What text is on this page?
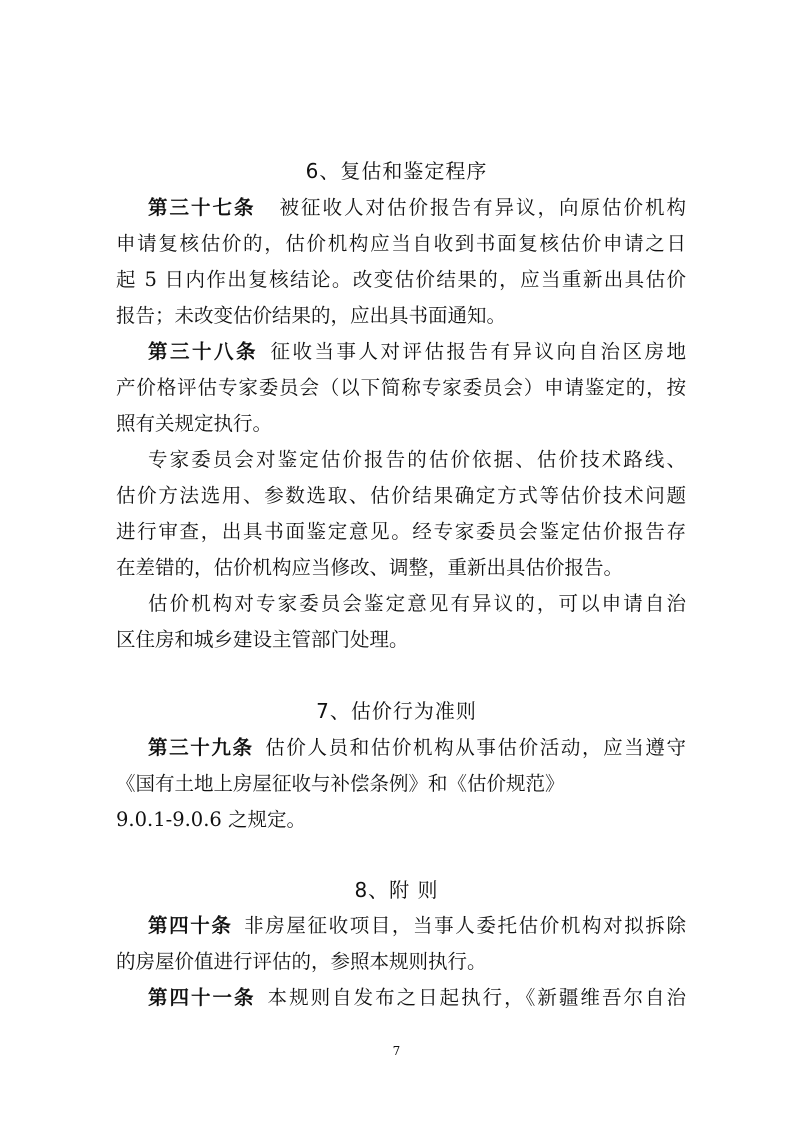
6、复估和鉴定程序
第三十七条 被征收人对估价报告有异议，向原估价机构
申请复核估价的，估价机构应当自收到书面复核估价申请之日
起 5 日内作出复核结论。改变估价结果的，应当重新出具估价
报告；未改变估价结果的，应出具书面通知。
第三十八条 征收当事人对评估报告有异议向自治区房地
产价格评估专家委员会（以下简称专家委员会）申请鉴定的，按
照有关规定执行。
专家委员会对鉴定估价报告的估价依据、估价技术路线、
估价方法选用、参数选取、估价结果确定方式等估价技术问题
进行审查，出具书面鉴定意见。经专家委员会鉴定估价报告存
在差错的，估价机构应当修改、调整，重新出具估价报告。
估价机构对专家委员会鉴定意见有异议的，可以申请自治
区住房和城乡建设主管部门处理。
7、估价行为准则
第三十九条 估价人员和估价机构从事估价活动，应当遵守
《国有土地上房屋征收与补偿条例》和《估价规范》
9.0.1-9.0.6 之规定。
8、附 则
第四十条 非房屋征收项目，当事人委托估价机构对拟拆除
的房屋价值进行评估的，参照本规则执行。
第四十一条 本规则自发布之日起执行，《新疆维吾尔自治
7
